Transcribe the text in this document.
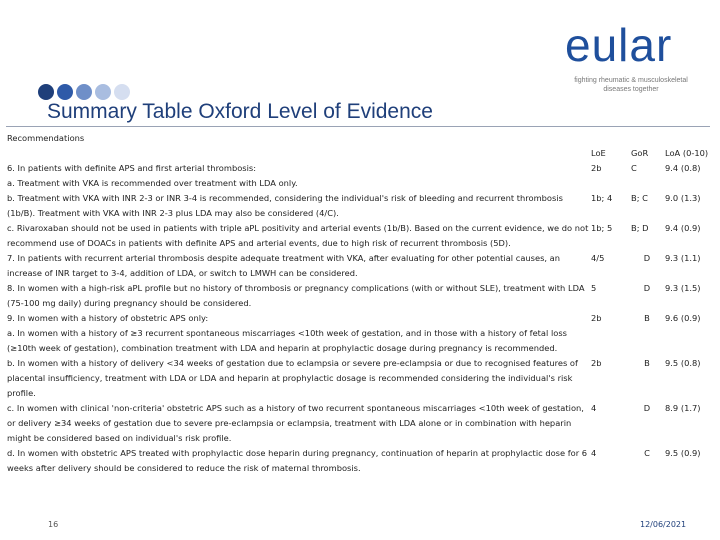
eular
fighting rheumatic & musculoskeletal
diseases together
Summary Table Oxford Level of Evidence
Recommendations	LoE	GoR	LoA (0-10)
6. In patients with definite APS and first arterial thrombosis:	2b	C	9.4 (0.8)
a. Treatment with VKA is recommended over treatment with LDA only.			
b. Treatment with VKA with INR 2-3 or INR 3-4 is recommended, considering the individual's risk of bleeding and recurrent thrombosis (1b/B). Treatment with VKA with INR 2-3 plus LDA may also be considered (4/C).	1b; 4	B; C	9.0 (1.3)
c. Rivaroxaban should not be used in patients with triple aPL positivity and arterial events (1b/B). Based on the current evidence, we do not recommend use of DOACs in patients with definite APS and arterial events, due to high risk of recurrent thrombosis (5D).	1b; 5	B; D	9.4 (0.9)
7. In patients with recurrent arterial thrombosis despite adequate treatment with VKA, after evaluating for other potential causes, an increase of INR target to 3-4, addition of LDA, or switch to LMWH can be considered.	4/5	D	9.3 (1.1)
8. In women with a high-risk aPL profile but no history of thrombosis or pregnancy complications (with or without SLE), treatment with LDA (75-100 mg daily) during pregnancy should be considered.	5	D	9.3 (1.5)
9. In women with a history of obstetric APS only:	2b	B	9.6 (0.9)
a. In women with a history of ≥3 recurrent spontaneous miscarriages <10th week of gestation, and in those with a history of fetal loss (≥10th week of gestation), combination treatment with LDA and heparin at prophylactic dosage during pregnancy is recommended.			
b. In women with a history of delivery <34 weeks of gestation due to eclampsia or severe pre-eclampsia or due to recognised features of placental insufficiency, treatment with LDA or LDA and heparin at prophylactic dosage is recommended considering the individual's risk profile.	2b	B	9.5 (0.8)
c. In women with clinical 'non-criteria' obstetric APS such as a history of two recurrent spontaneous miscarriages <10th week of gestation, or delivery ≥34 weeks of gestation due to severe pre-eclampsia or eclampsia, treatment with LDA alone or in combination with heparin might be considered based on individual's risk profile.	4	D	8.9 (1.7)
d. In women with obstetric APS treated with prophylactic dose heparin during pregnancy, continuation of heparin at prophylactic dose for 6 weeks after delivery should be considered to reduce the risk of maternal thrombosis.	4	C	9.5 (0.9)
16	12/06/2021
